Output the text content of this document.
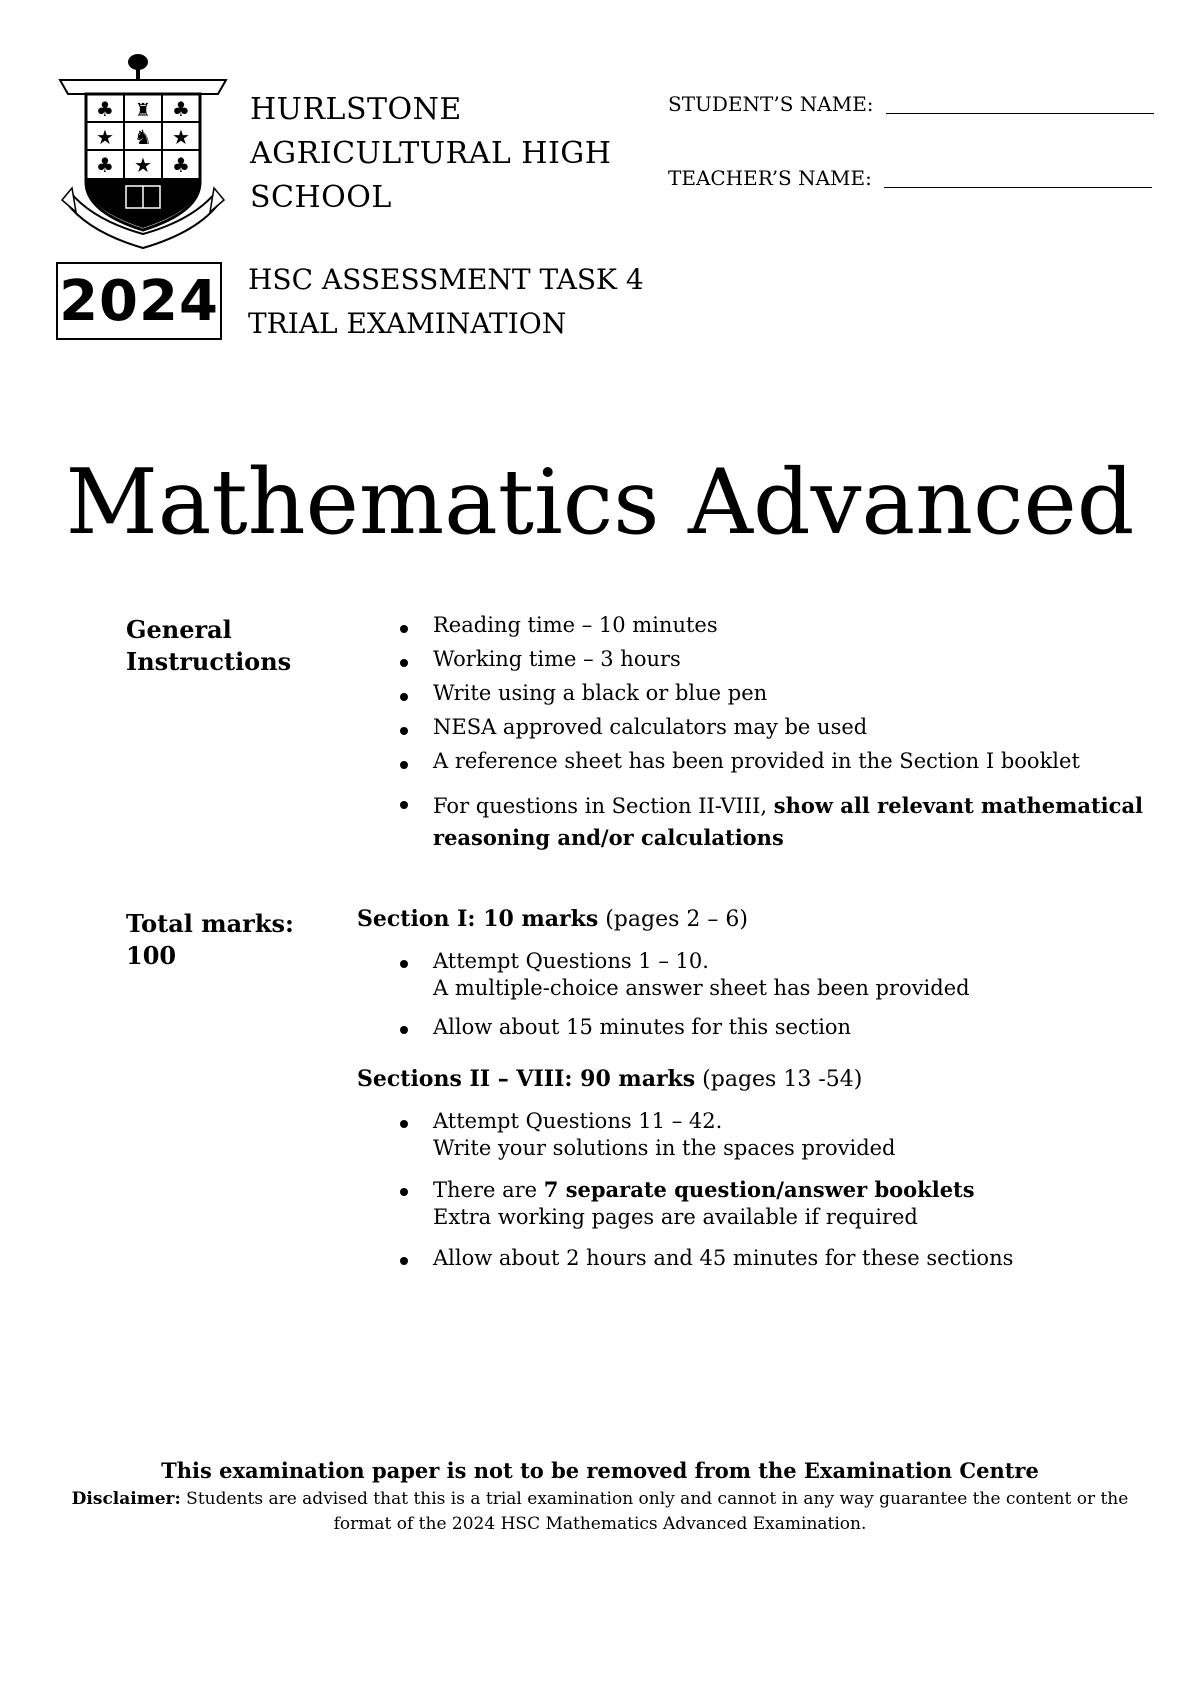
♣ ♜ ♣
★ ♞ ★
♣ ★ ♣
HURLSTONE
AGRICULTURAL HIGH
SCHOOL
STUDENT’S NAME:
TEACHER’S NAME:
2024 HSC ASSESSMENT TASK 4
TRIAL EXAMINATION
Mathematics Advanced
General
Instructions
Reading time – 10 minutes
Working time – 3 hours
Write using a black or blue pen
NESA approved calculators may be used
A reference sheet has been provided in the Section I booklet
For questions in Section II-VIII, show all relevant mathematical
reasoning and/or calculations
Total marks:
100
Section I: 10 marks (pages 2 – 6)
Attempt Questions 1 – 10.
A multiple-choice answer sheet has been provided
Allow about 15 minutes for this section
Sections II – VIII: 90 marks (pages 13 -54)
Attempt Questions 11 – 42.
Write your solutions in the spaces provided
There are 7 separate question/answer booklets
Extra working pages are available if required
Allow about 2 hours and 45 minutes for these sections
This examination paper is not to be removed from the Examination Centre
Disclaimer: Students are advised that this is a trial examination only and cannot in any way guarantee the content or the
format of the 2024 HSC Mathematics Advanced Examination.
